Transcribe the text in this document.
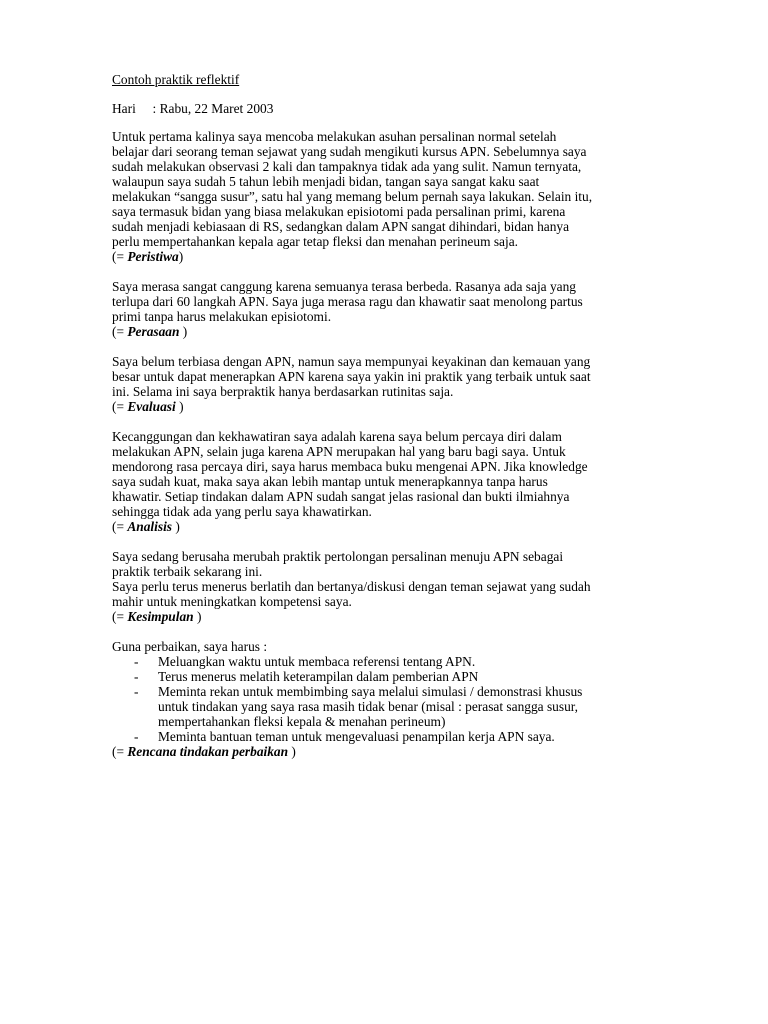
Contoh praktik reflektif
Hari     : Rabu, 22 Maret 2003
Untuk pertama kalinya saya mencoba melakukan asuhan persalinan normal setelah
belajar dari seorang teman sejawat yang sudah mengikuti kursus APN. Sebelumnya saya
sudah melakukan observasi 2 kali dan tampaknya tidak ada yang sulit. Namun ternyata,
walaupun saya sudah 5 tahun lebih menjadi bidan, tangan saya sangat kaku saat
melakukan “sangga susur”, satu hal yang memang belum pernah saya lakukan. Selain itu,
saya termasuk bidan yang biasa melakukan episiotomi pada persalinan primi, karena
sudah menjadi kebiasaan di RS, sedangkan dalam APN sangat dihindari, bidan hanya
perlu mempertahankan kepala agar tetap fleksi dan menahan perineum saja.
(= Peristiwa)
Saya merasa sangat canggung karena semuanya terasa berbeda. Rasanya ada saja yang
terlupa dari 60 langkah APN. Saya juga merasa ragu dan khawatir saat menolong partus
primi tanpa harus melakukan episiotomi.
(= Perasaan )
Saya belum terbiasa dengan APN, namun saya mempunyai keyakinan dan kemauan yang
besar untuk dapat menerapkan APN karena saya yakin ini praktik yang terbaik untuk saat
ini. Selama ini saya berpraktik hanya berdasarkan rutinitas saja.
(= Evaluasi )
Kecanggungan dan kekhawatiran saya adalah karena saya belum percaya diri dalam
melakukan APN, selain juga karena APN merupakan hal yang baru bagi saya. Untuk
mendorong rasa percaya diri, saya harus membaca buku mengenai APN. Jika knowledge
saya sudah kuat, maka saya akan lebih mantap untuk menerapkannya tanpa harus
khawatir. Setiap tindakan dalam APN sudah sangat jelas rasional dan bukti ilmiahnya
sehingga tidak ada yang perlu saya khawatirkan.
(= Analisis )
Saya sedang berusaha merubah praktik pertolongan persalinan menuju APN sebagai
praktik terbaik sekarang ini.
Saya perlu terus menerus berlatih dan bertanya/diskusi dengan teman sejawat yang sudah
mahir untuk meningkatkan kompetensi saya.
(= Kesimpulan )
Guna perbaikan, saya harus :
- Meluangkan waktu untuk membaca referensi tentang APN.
- Terus menerus melatih keterampilan dalam pemberian APN
- Meminta rekan untuk membimbing saya melalui simulasi / demonstrasi khusus
untuk tindakan yang saya rasa masih tidak benar (misal : perasat sangga susur,
mempertahankan fleksi kepala & menahan perineum)
- Meminta bantuan teman untuk mengevaluasi penampilan kerja APN saya.
(= Rencana tindakan perbaikan )
